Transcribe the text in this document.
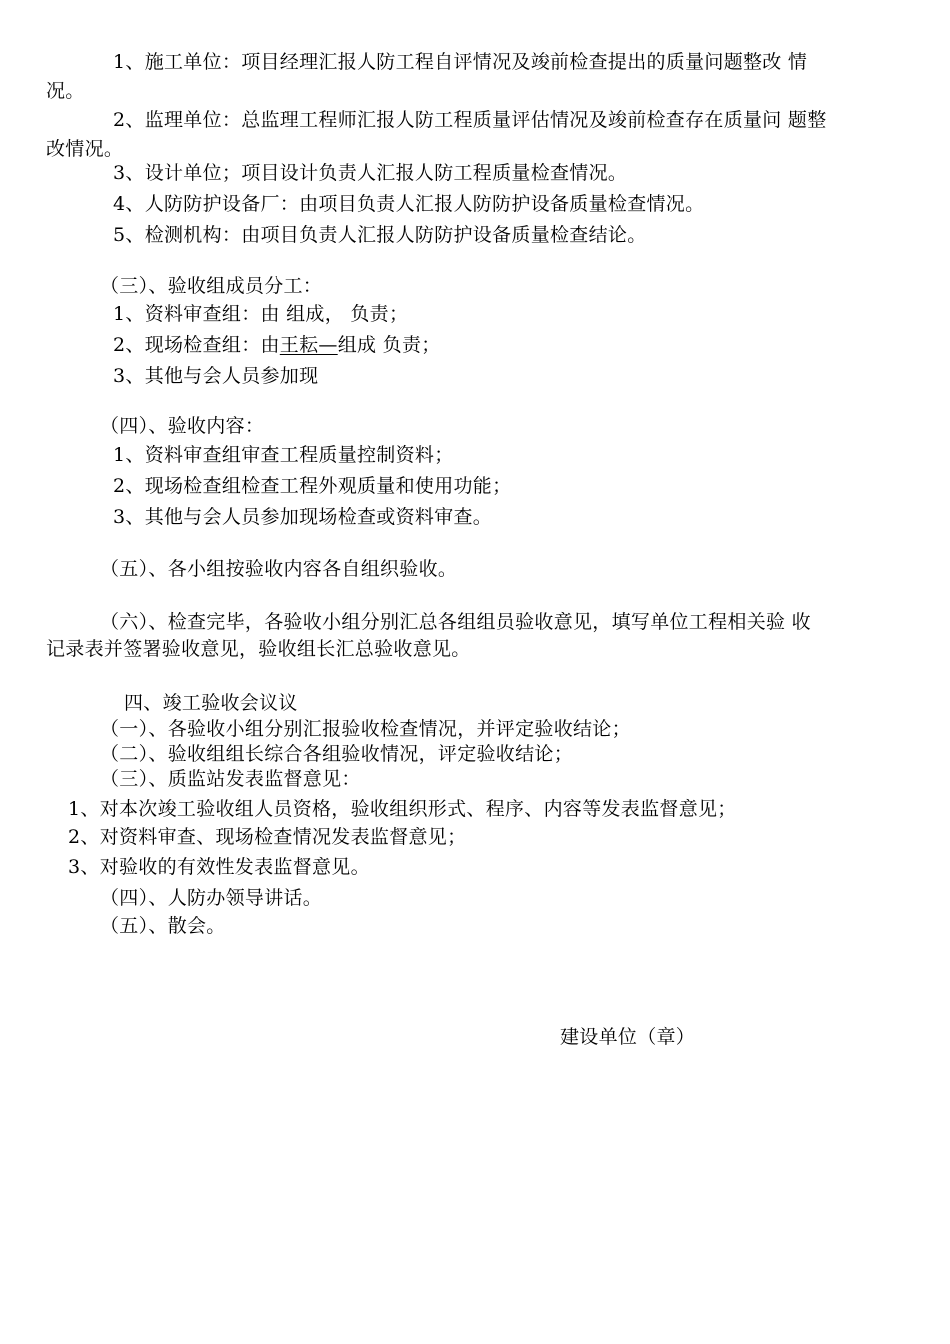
1、施工单位：项目经理汇报人防工程自评情况及竣前检查提出的质量问题整改 情
况。
2、监理单位：总监理工程师汇报人防工程质量评估情况及竣前检查存在质量问 题整
改情况。
3、设计单位；项目设计负责人汇报人防工程质量检查情况。
4、人防防护设备厂：由项目负责人汇报人防防护设备质量检查情况。
5、检测机构：由项目负责人汇报人防防护设备质量检查结论。
（三）、验收组成员分工：
1、资料审查组：由 组成， 负责；
2、现场检查组：由王耘—组成 负责；
3、其他与会人员参加现
（四）、验收内容：
1、资料审查组审查工程质量控制资料；
2、现场检查组检查工程外观质量和使用功能；
3、其他与会人员参加现场检查或资料审查。
（五）、各小组按验收内容各自组织验收。
（六）、检查完毕，各验收小组分别汇总各组组员验收意见，填写单位工程相关验 收
记录表并签署验收意见，验收组长汇总验收意见。
四、竣工验收会议议
（一）、各验收小组分别汇报验收检查情况，并评定验收结论；
（二）、验收组组长综合各组验收情况，评定验收结论；
（三）、质监站发表监督意见：
1、对本次竣工验收组人员资格，验收组织形式、程序、内容等发表监督意见；
2、对资料审查、现场检查情况发表监督意见；
3、对验收的有效性发表监督意见。
（四）、人防办领导讲话。
（五）、散会。
建设单位（章）
